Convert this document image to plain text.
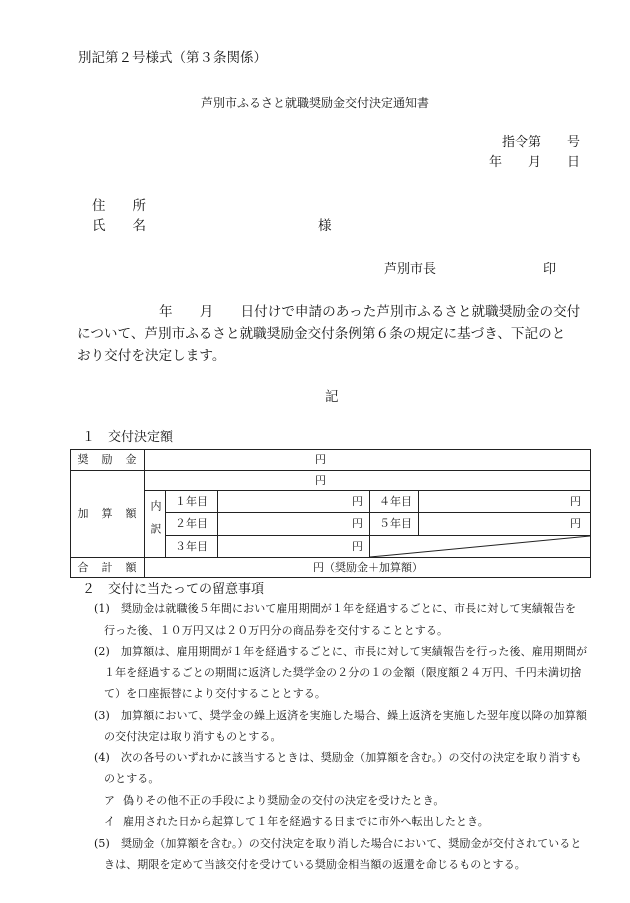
別記第２号様式（第３条関係）
芦別市ふるさと就職奨励金交付決定通知書
指令第　　号
年　　月　　日
住　　所
氏　　名	様
芦別市長	印
年　　月　　日付けで申請のあった芦別市ふるさと就職奨励金の交付
について、芦別市ふるさと就職奨励金交付条例第６条の規定に基づき、下記のと
おり交付を決定します。
記
１　交付決定額
奨　励　金	円				
加　算　額	円				
	内訳	１年目	円	４年目	円
		２年目	円	５年目	円
		３年目	円	

合　計　額	円（奨励金＋加算額）				
２　交付に当たっての留意事項
(1) 奨励金は就職後５年間において雇用期間が１年を経過するごとに、市長に対して実績報告を
行った後、１０万円又は２０万円分の商品券を交付することとする。
(2) 加算額は、雇用期間が１年を経過するごとに、市長に対して実績報告を行った後、雇用期間が
１年を経過するごとの期間に返済した奨学金の２分の１の金額（限度額２４万円、千円未満切捨
て）を口座振替により交付することとする。
(3) 加算額において、奨学金の繰上返済を実施した場合、繰上返済を実施した翌年度以降の加算額
の交付決定は取り消すものとする。
(4) 次の各号のいずれかに該当するときは、奨励金（加算額を含む。）の交付の決定を取り消すも
のとする。
ア 偽りその他不正の手段により奨励金の交付の決定を受けたとき。
イ 雇用された日から起算して１年を経過する日までに市外へ転出したとき。
(5) 奨励金（加算額を含む。）の交付決定を取り消した場合において、奨励金が交付されていると
きは、期限を定めて当該交付を受けている奨励金相当額の返還を命じるものとする。
